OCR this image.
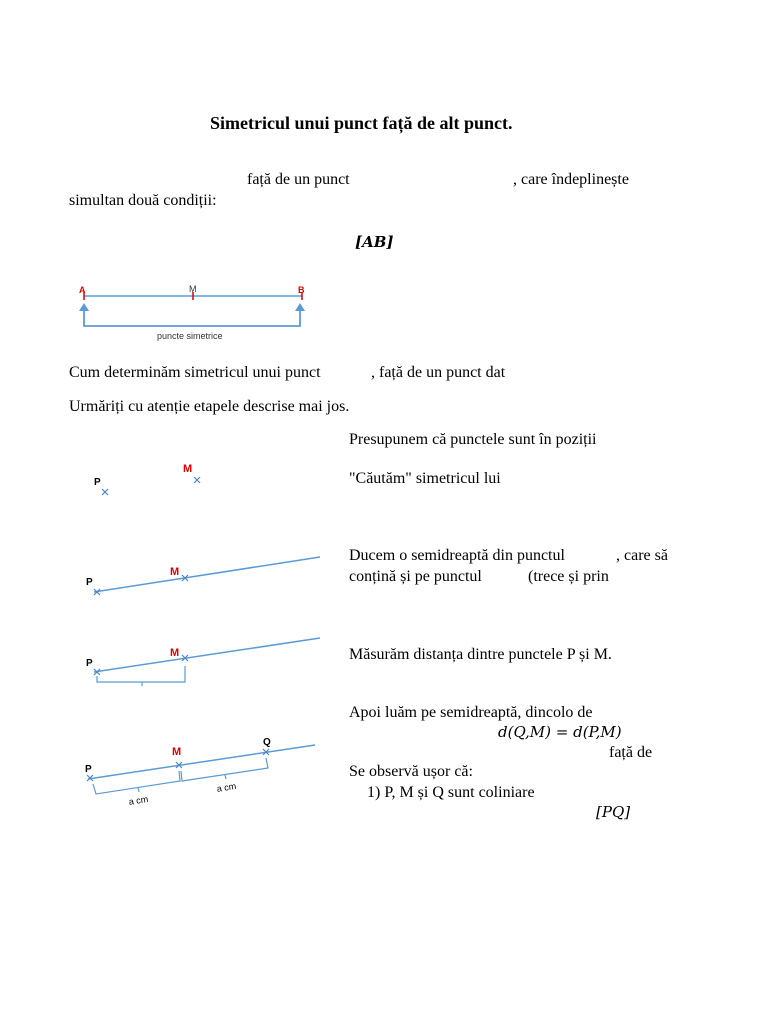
Simetricul unui punct față de alt punct.
față de un punct	, care îndeplinește
simultan două condiții:
[AB]
A	M	B
puncte simetrice
Cum determinăm simetricul unui punct	, față de un punct dat
Urmăriți cu atenție etapele descrise mai jos.
Presupunem că punctele sunt în poziții
"Căutăm" simetricul lui
P
M
Ducem o semidreaptă din punctul	, care să
conțină și pe punctul	(trece și prin
P
M
Măsurăm distanța dintre punctele P și M.
P
M
Apoi luăm pe semidreaptă, dincolo de
d(Q,M) = d(P,M)
față de
Se observă ușor că:
1) P, M și Q sunt coliniare
[PQ]
P
M
Q
a cm
a cm
